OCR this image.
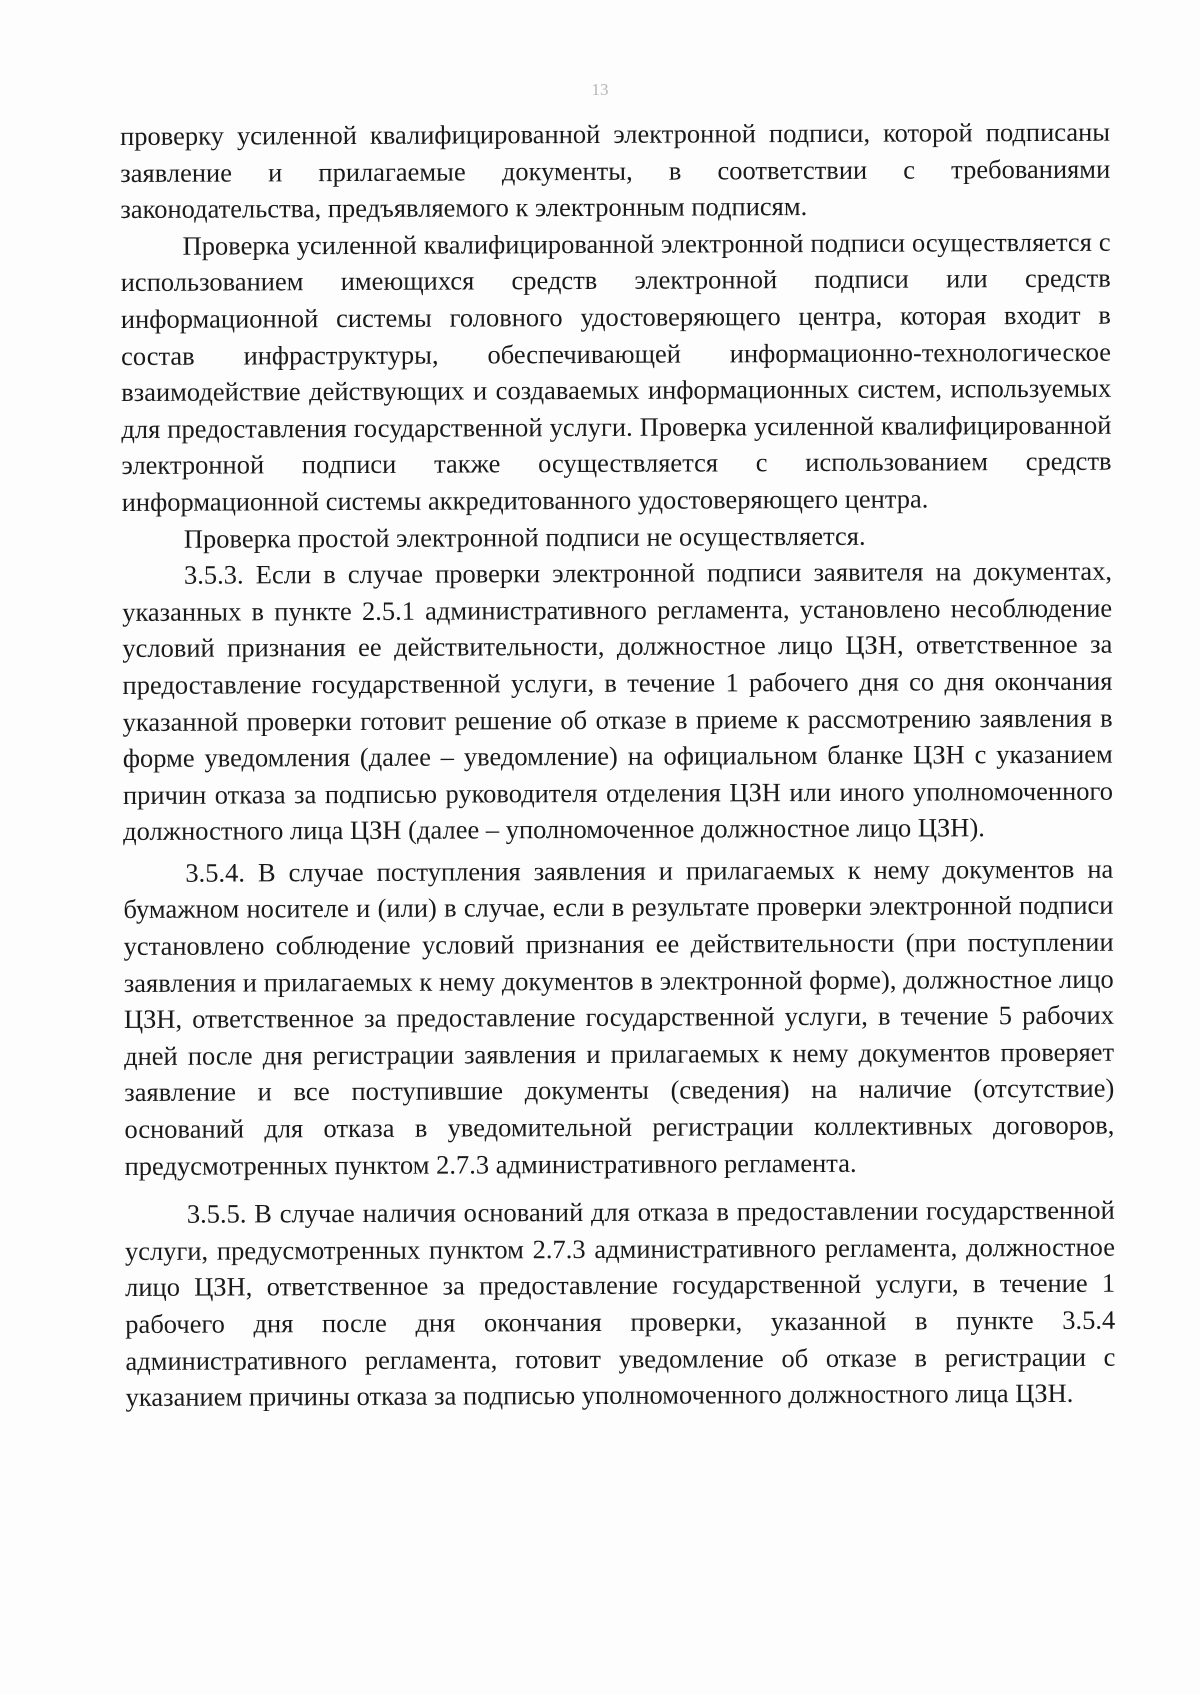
13

проверку усиленной квалифицированной электронной подписи, которой подписаны заявление и прилагаемые документы, в соответствии с требованиями законодательства, предъявляемого к электронным подписям.

Проверка усиленной квалифицированной электронной подписи осуществляется с использованием имеющихся средств электронной подписи или средств информационной системы головного удостоверяющего центра, которая входит в состав инфраструктуры, обеспечивающей информационно-технологическое взаимодействие действующих и создаваемых информационных систем, используемых для предоставления государственной услуги. Проверка усиленной квалифицированной электронной подписи также осуществляется с использованием средств информационной системы аккредитованного удостоверяющего центра.

Проверка простой электронной подписи не осуществляется.

3.5.3. Если в случае проверки электронной подписи заявителя на документах, указанных в пункте 2.5.1 административного регламента, установлено несоблюдение условий признания ее действительности, должностное лицо ЦЗН, ответственное за предоставление государственной услуги, в течение 1 рабочего дня со дня окончания указанной проверки готовит решение об отказе в приеме к рассмотрению заявления в форме уведомления (далее – уведомление) на официальном бланке ЦЗН с указанием причин отказа за подписью руководителя отделения ЦЗН или иного уполномоченного должностного лица ЦЗН (далее – уполномоченное должностное лицо ЦЗН).

3.5.4. В случае поступления заявления и прилагаемых к нему документов на бумажном носителе и (или) в случае, если в результате проверки электронной подписи установлено соблюдение условий признания ее действительности (при поступлении заявления и прилагаемых к нему документов в электронной форме), должностное лицо ЦЗН, ответственное за предоставление государственной услуги, в течение 5 рабочих дней после дня регистрации заявления и прилагаемых к нему документов проверяет заявление и все поступившие документы (сведения) на наличие (отсутствие) оснований для отказа в уведомительной регистрации коллективных договоров, предусмотренных пунктом 2.7.3 административного регламента.

3.5.5. В случае наличия оснований для отказа в предоставлении государственной услуги, предусмотренных пунктом 2.7.3 административного регламента, должностное лицо ЦЗН, ответственное за предоставление государственной услуги, в течение 1 рабочего дня после дня окончания проверки, указанной в пункте 3.5.4 административного регламента, готовит уведомление об отказе в регистрации с указанием причины отказа за подписью уполномоченного должностного лица ЦЗН.
